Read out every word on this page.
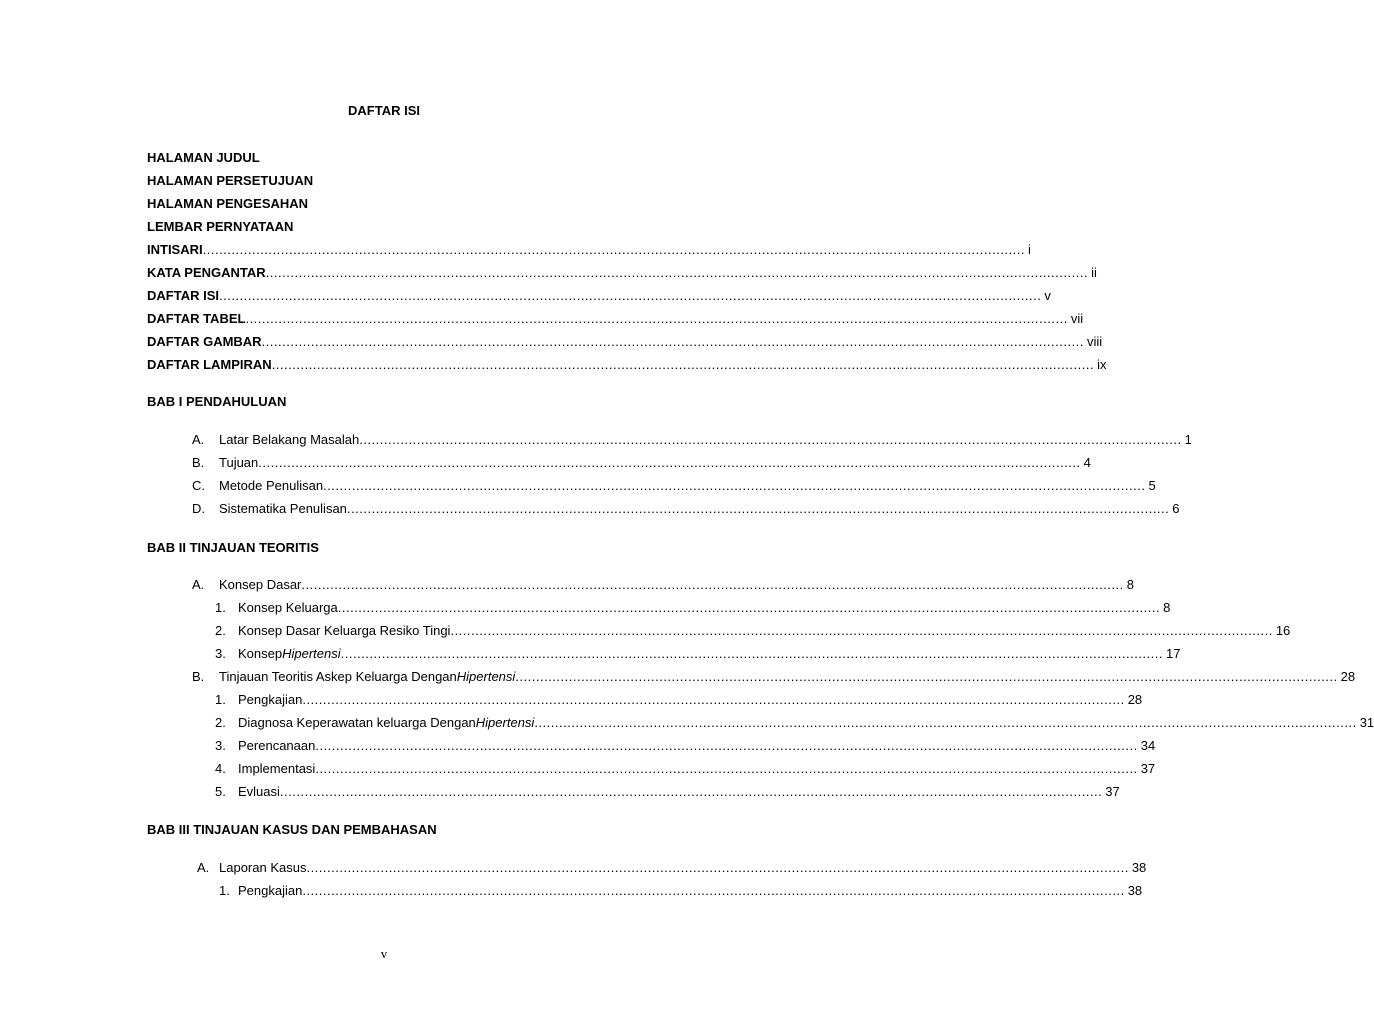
DAFTAR ISI
HALAMAN JUDUL
HALAMAN PERSETUJUAN
HALAMAN PENGESAHAN
LEMBAR PERNYATAAN
INTISARI ........................................................................................................................................................................................................ i
KATA PENGANTAR ........................................................................................................................................................................................................ ii
DAFTAR ISI ........................................................................................................................................................................................................ v
DAFTAR TABEL ........................................................................................................................................................................................................ vii
DAFTAR GAMBAR ........................................................................................................................................................................................................ viii
DAFTAR LAMPIRAN ........................................................................................................................................................................................................ ix
BAB I PENDAHULUAN
A.	Latar Belakang Masalah ........................................................................................................................................................................................................ 1
B.	Tujuan ........................................................................................................................................................................................................ 4
C.	Metode Penulisan ........................................................................................................................................................................................................ 5
D.	Sistematika Penulisan ........................................................................................................................................................................................................ 6
BAB II TINJAUAN TEORITIS
A.	Konsep Dasar ........................................................................................................................................................................................................ 8
1. Konsep Keluarga ........................................................................................................................................................................................................ 8
2. Konsep Dasar Keluarga Resiko Tingi ........................................................................................................................................................................................................ 16
3. Konsep Hipertensi ........................................................................................................................................................................................................ 17
B.	Tinjauan Teoritis Askep Keluarga Dengan Hipertensi ........................................................................................................................................................................................................ 28
1. Pengkajian ........................................................................................................................................................................................................ 28
2. Diagnosa Keperawatan keluarga Dengan Hipertensi ........................................................................................................................................................................................................ 31
3. Perencanaan ........................................................................................................................................................................................................ 34
4. Implementasi ........................................................................................................................................................................................................ 37
5. Evluasi ........................................................................................................................................................................................................ 37
BAB III TINJAUAN KASUS DAN PEMBAHASAN
A. Laporan Kasus ........................................................................................................................................................................................................ 38
1. Pengkajian ........................................................................................................................................................................................................ 38
v
